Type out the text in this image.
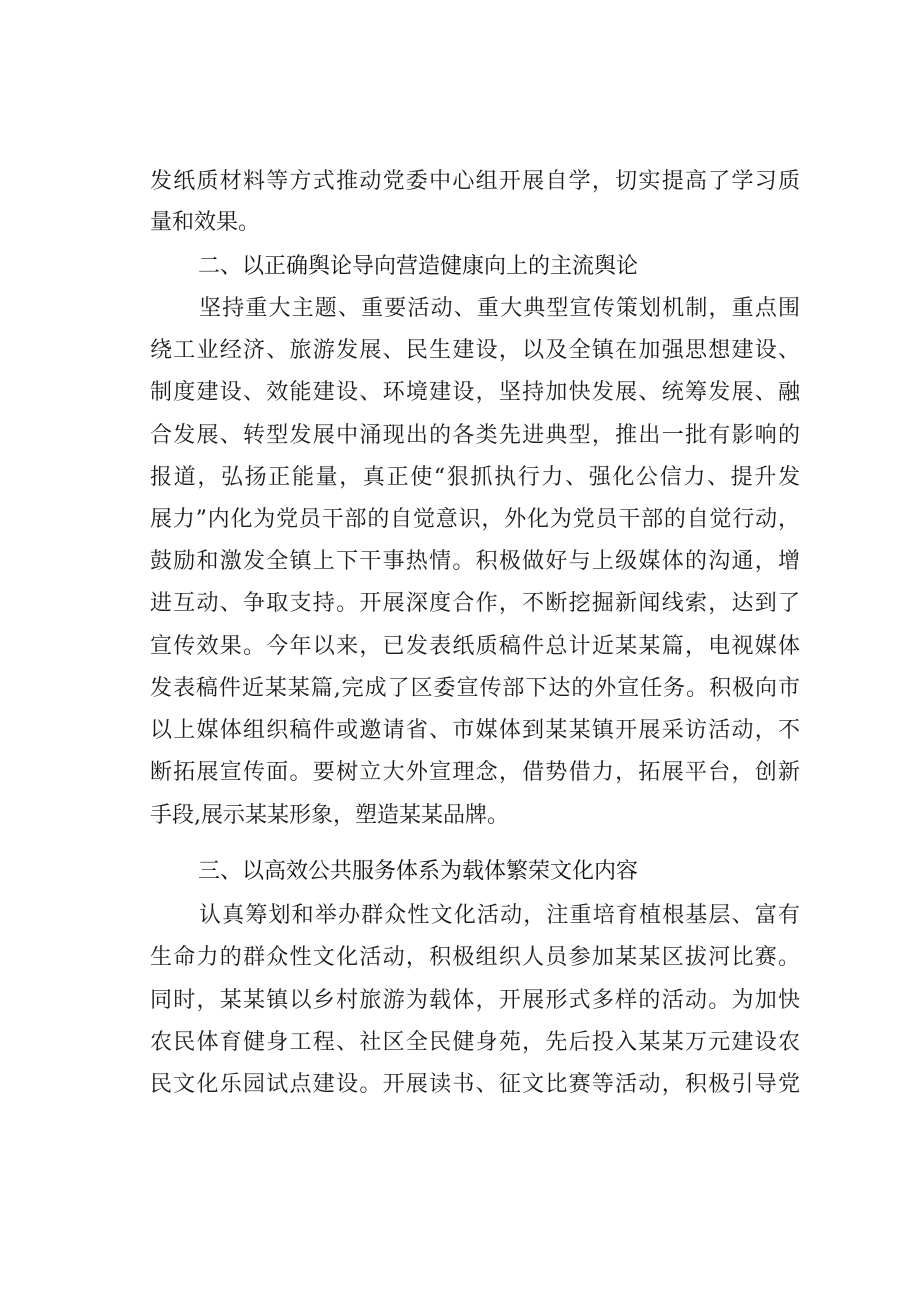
发纸质材料等方式推动党委中心组开展自学，切实提高了学习质
量和效果。
二、以正确舆论导向营造健康向上的主流舆论
坚持重大主题、重要活动、重大典型宣传策划机制，重点围
绕工业经济、旅游发展、民生建设，以及全镇在加强思想建设、
制度建设、效能建设、环境建设，坚持加快发展、统筹发展、融
合发展、转型发展中涌现出的各类先进典型，推出一批有影响的
报道，弘扬正能量，真正使“狠抓执行力、强化公信力、提升发
展力”内化为党员干部的自觉意识，外化为党员干部的自觉行动，
鼓励和激发全镇上下干事热情。积极做好与上级媒体的沟通，增
进互动、争取支持。开展深度合作，不断挖掘新闻线索，达到了
宣传效果。今年以来，已发表纸质稿件总计近某某篇，电视媒体
发表稿件近某某篇,完成了区委宣传部下达的外宣任务。积极向市
以上媒体组织稿件或邀请省、市媒体到某某镇开展采访活动，不
断拓展宣传面。要树立大外宣理念，借势借力，拓展平台，创新
手段,展示某某形象，塑造某某品牌。
三、以高效公共服务体系为载体繁荣文化内容
认真筹划和举办群众性文化活动，注重培育植根基层、富有
生命力的群众性文化活动，积极组织人员参加某某区拔河比赛。
同时，某某镇以乡村旅游为载体，开展形式多样的活动。为加快
农民体育健身工程、社区全民健身苑，先后投入某某万元建设农
民文化乐园试点建设。开展读书、征文比赛等活动，积极引导党
